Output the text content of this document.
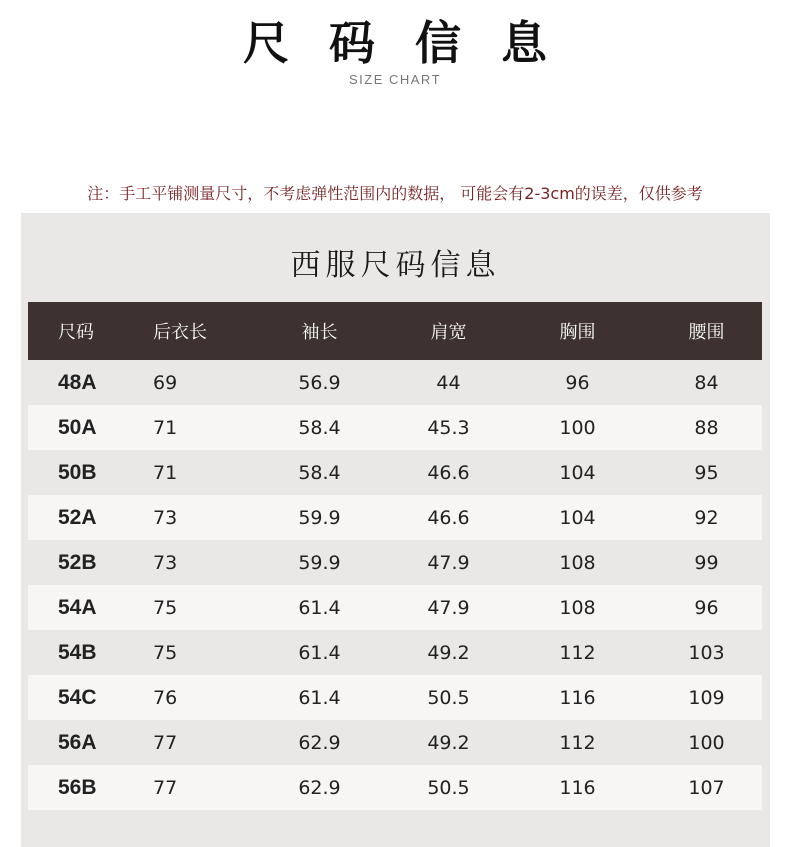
尺码信息
SIZE CHART
注：手工平铺测量尺寸，不考虑弹性范围内的数据， 可能会有2-3cm的误差，仅供参考
西服尺码信息
尺码	后衣长	袖长	肩宽	胸围	腰围
48A	69	56.9	44	96	84
50A	71	58.4	45.3	100	88
50B	71	58.4	46.6	104	95
52A	73	59.9	46.6	104	92
52B	73	59.9	47.9	108	99
54A	75	61.4	47.9	108	96
54B	75	61.4	49.2	112	103
54C	76	61.4	50.5	116	109
56A	77	62.9	49.2	112	100
56B	77	62.9	50.5	116	107
